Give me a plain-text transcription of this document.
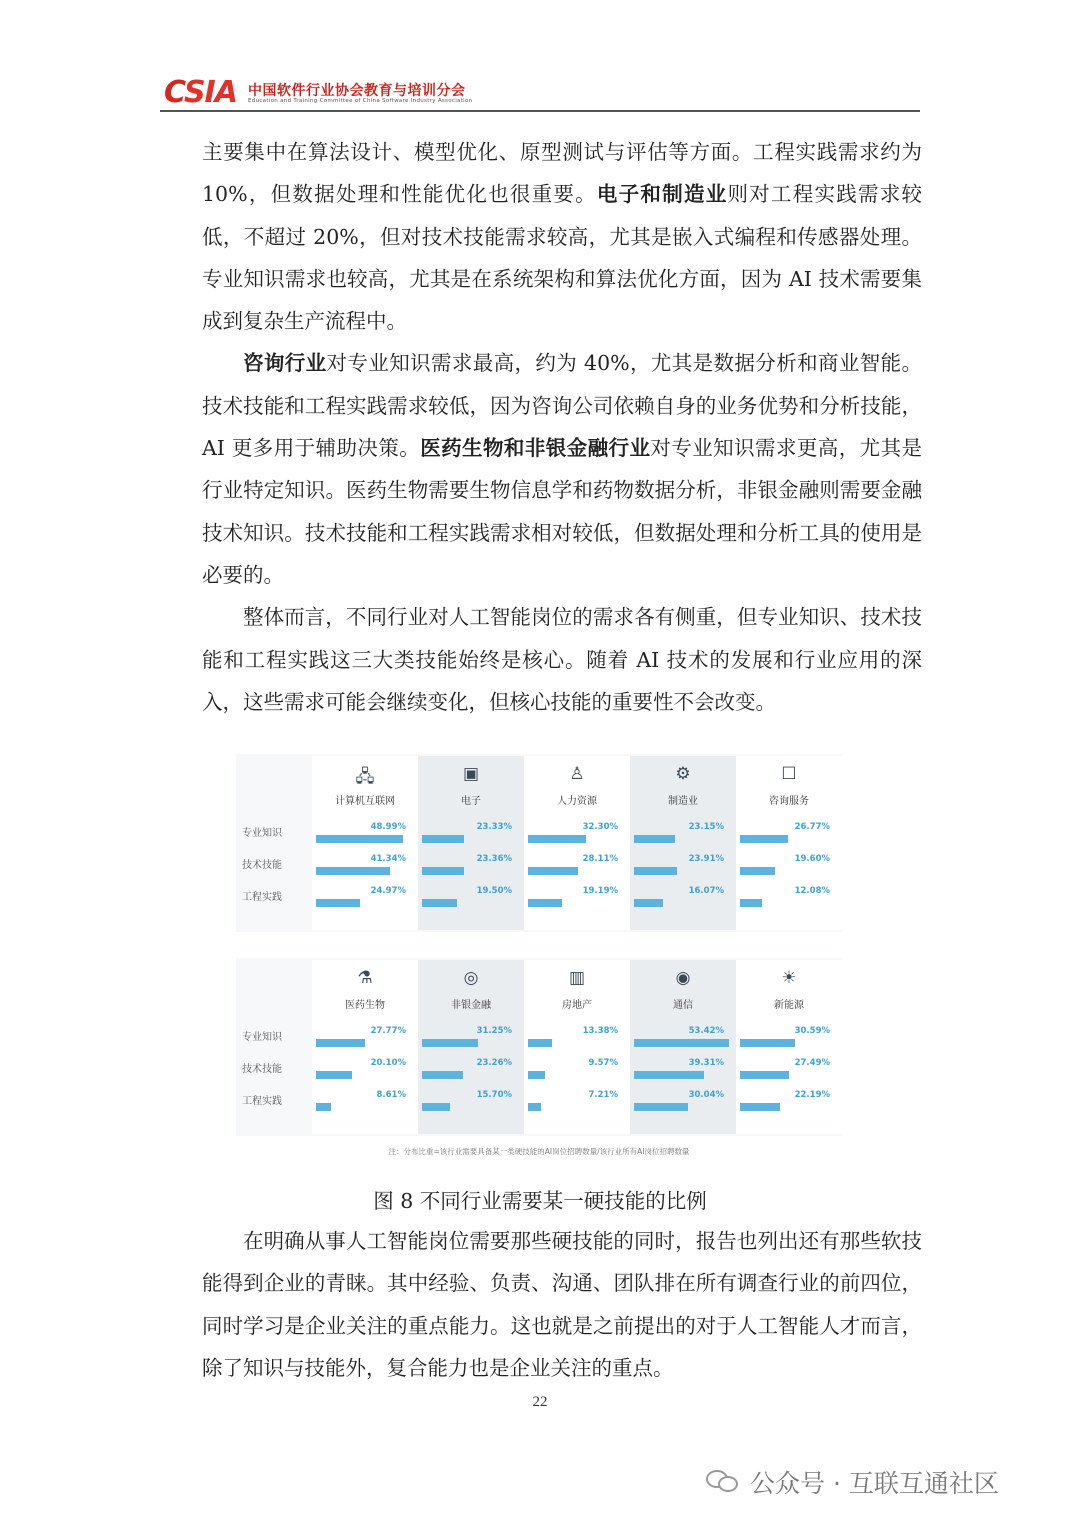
CSIA 中国软件行业协会教育与培训分会
Education and Training Committee of China Software Industry Association

主要集中在算法设计、模型优化、原型测试与评估等方面。工程实践需求约为 10%，但数据处理和性能优化也很重要。电子和制造业则对工程实践需求较低，不超过 20%，但对技术技能需求较高，尤其是嵌入式编程和传感器处理。专业知识需求也较高，尤其是在系统架构和算法优化方面，因为 AI 技术需要集成到复杂生产流程中。

咨询行业对专业知识需求最高，约为 40%，尤其是数据分析和商业智能。技术技能和工程实践需求较低，因为咨询公司依赖自身的业务优势和分析技能，AI 更多用于辅助决策。医药生物和非银金融行业对专业知识需求更高，尤其是行业特定知识。医药生物需要生物信息学和药物数据分析，非银金融则需要金融技术知识。技术技能和工程实践需求相对较低，但数据处理和分析工具的使用是必要的。

整体而言，不同行业对人工智能岗位的需求各有侧重，但专业知识、技术技能和工程实践这三大类技能始终是核心。随着 AI 技术的发展和行业应用的深入，这些需求可能会继续变化，但核心技能的重要性不会改变。

专业知识
技术技能
工程实践
🖧
计算机互联网
48.99%
41.34%
24.97%
▣
电子
23.33%
23.36%
19.50%
♙
人力资源
32.30%
28.11%
19.19%
⚙
制造业
23.15%
23.91%
16.07%
☐
咨询服务
26.77%
19.60%
12.08%
专业知识
技术技能
工程实践
⚗
医药生物
27.77%
20.10%
8.61%
◎
非银金融
31.25%
23.26%
15.70%
▥
房地产
13.38%
9.57%
7.21%
◉
通信
53.42%
39.31%
30.04%
☀
新能源
30.59%
27.49%
22.19%
注：分布比重=该行业需要具备某一类硬技能的AI岗位招聘数量/该行业所有AI岗位招聘数量
图 8 不同行业需要某一硬技能的比例

在明确从事人工智能岗位需要那些硬技能的同时，报告也列出还有那些软技能得到企业的青睐。其中经验、负责、沟通、团队排在所有调查行业的前四位，同时学习是企业关注的重点能力。这也就是之前提出的对于人工智能人才而言，除了知识与技能外，复合能力也是企业关注的重点。

22
公众号 · 互联互通社区
